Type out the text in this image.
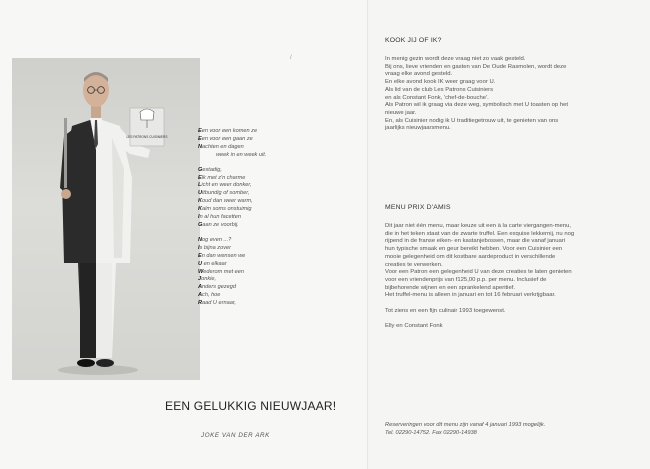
LES PATRONS CUISINIERS
/
Een voor een komen ze
Een voor een gaan ze
Nachten en dagen
week in en week uit.
Gestadig,
Elk met z'n charme
Licht en weer donker,
Uitbundig of somber,
Koud dan weer warm,
Kalm soms onstuimig
In al hun facetten
Gaan ze voorbij.
Nog even ...?
Is bijna zover
En dan wensen we
U en elkaar
Wederom met een
Jonkie,
Anders gezegd
Ach, hoe
Raad U ernaar,
EEN GELUKKIG NIEUWJAAR!
JOKE VAN DER ARK
KOOK JIJ OF IK?
In menig gezin wordt deze vraag niet zo vaak gesteld.
Bij ons, lieve vrienden en gasten van De Oude Rasmolen, wordt deze
vraag elke avond gesteld.
En elke avond kook IK weer graag voor U.
Als lid van de club Les Patrons Cuisiniers
en als Constant Fonk, 'chef-de-bouche'.
Als Patron wil ik graag via deze weg, symbolisch met U toasten op het
nieuwe jaar.
En, als Cuisinier nodig ik U traditiegetrouw uit, te genieten van ons
jaarlijks nieuwjaarsmenu.
MENU PRIX D'AMIS
Dit jaar niet één menu, maar keuze uit een à la carte viergangen-menu,
die in het teken staat van de zwarte truffel. Een exquise lekkernij, nu nog
rijpend in de franse eiken- en kastanjebossen, maar die vanaf januari
hun typische smaak en geur bereikt hebben. Voor een Cuisinier een
mooie gelegenheid om dit kostbare aardeproduct in verschillende
creaties te verwerken.
Voor een Patron een gelegenheid U van deze creaties te laten genieten
voor een vriendenprijs van f125,00 p.p. per menu. Inclusief de
bijbehorende wijnen en een sprankelend aperitief.
Het truffel-menu is alleen in januari en tot 16 februari verkrijgbaar.
Tot ziens en een fijn culinair 1993 toegewenst.
Elly en Constant Fonk
Reserveringen voor dit menu zijn vanaf 4 januari 1993 mogelijk.
Tel. 02290-14752. Fax 02290-14938
